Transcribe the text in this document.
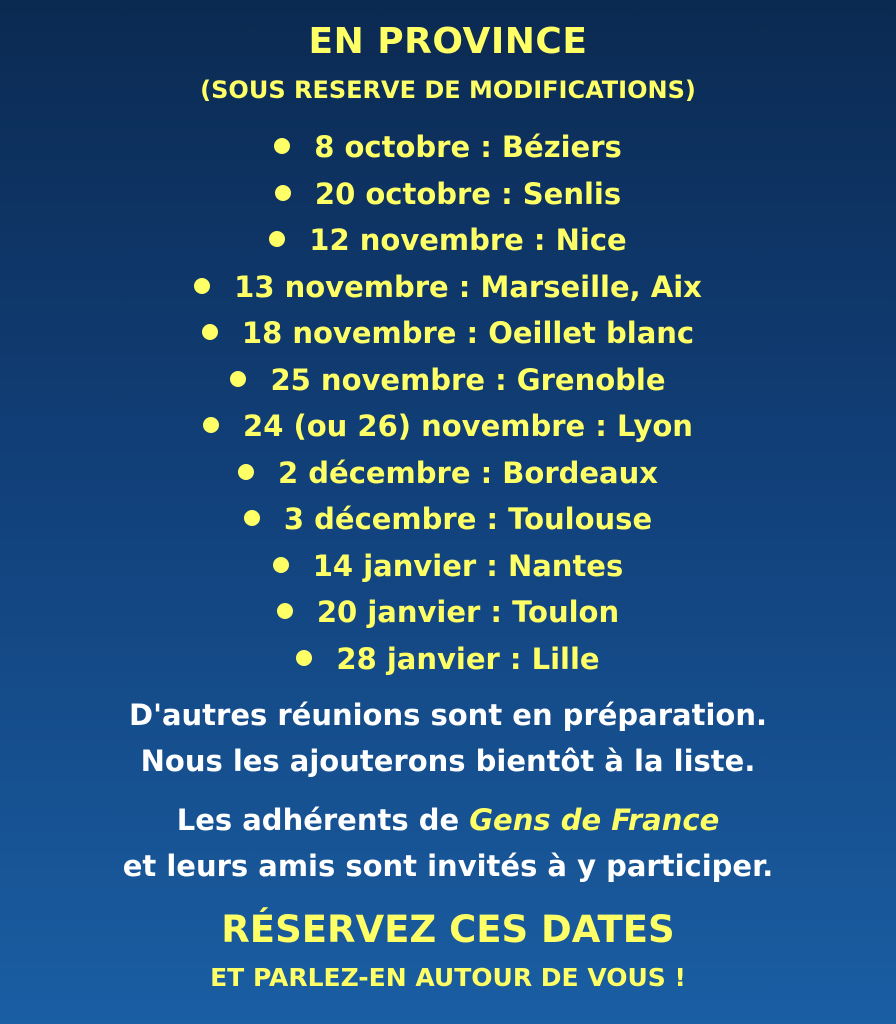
EN PROVINCE
(SOUS RESERVE DE MODIFICATIONS)
8 octobre : Béziers
20 octobre : Senlis
12 novembre : Nice
13 novembre : Marseille, Aix
18 novembre : Oeillet blanc
25 novembre : Grenoble
24 (ou 26) novembre : Lyon
2 décembre : Bordeaux
3 décembre : Toulouse
14 janvier : Nantes
20 janvier : Toulon
28 janvier : Lille
D'autres réunions sont en préparation.
Nous les ajouterons bientôt à la liste.
Les adhérents de Gens de France
et leurs amis sont invités à y participer.
RÉSERVEZ CES DATES
ET PARLEZ-EN AUTOUR DE VOUS !
